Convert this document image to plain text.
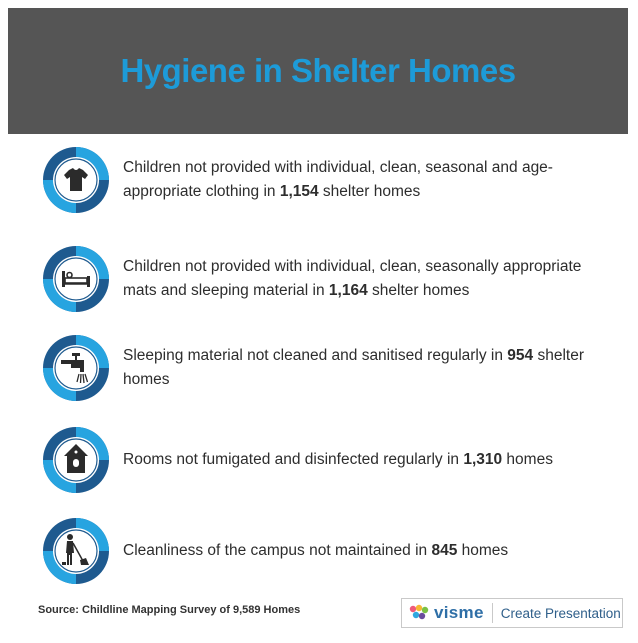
Hygiene in Shelter Homes
Children not provided with individual, clean, seasonal and age-appropriate clothing in 1,154 shelter homes
Children not provided with individual, clean, seasonally appropriate mats and sleeping material in 1,164 shelter homes
Sleeping material not cleaned and sanitised regularly in 954 shelter homes
Rooms not fumigated and disinfected regularly in 1,310 homes
Cleanliness of the campus not maintained in 845 homes
Source: Childline Mapping Survey of 9,589 Homes	visme Create Presentation
